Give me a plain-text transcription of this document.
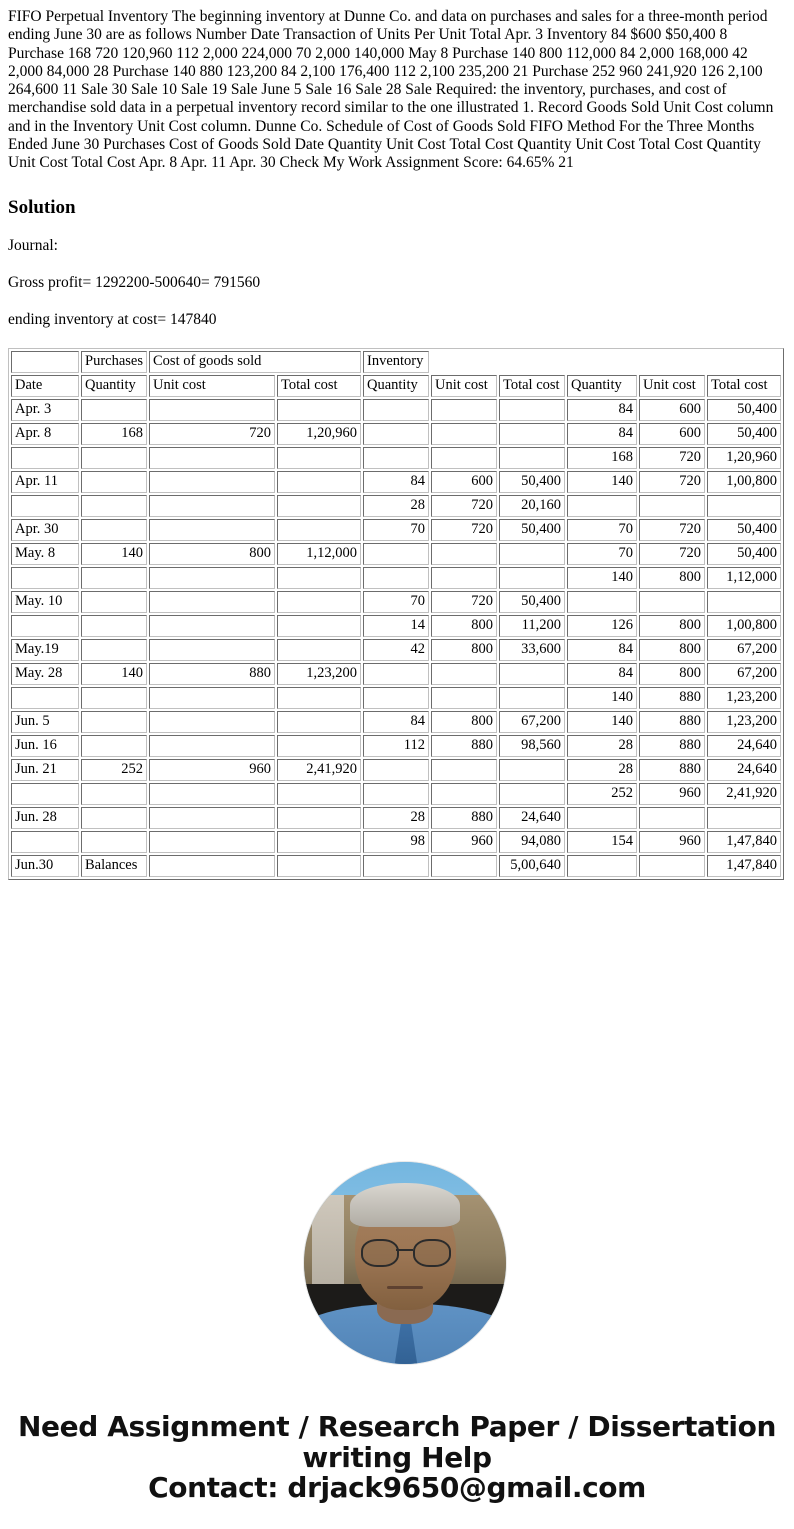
FIFO Perpetual Inventory The beginning inventory at Dunne Co. and data on purchases and sales for a three-month period ending June 30 are as follows Number Date Transaction of Units Per Unit Total Apr. 3 Inventory 84 $600 $50,400 8 Purchase 168 720 120,960 112 2,000 224,000 70 2,000 140,000 May 8 Purchase 140 800 112,000 84 2,000 168,000 42 2,000 84,000 28 Purchase 140 880 123,200 84 2,100 176,400 112 2,100 235,200 21 Purchase 252 960 241,920 126 2,100 264,600 11 Sale 30 Sale 10 Sale 19 Sale June 5 Sale 16 Sale 28 Sale Required: the inventory, purchases, and cost of merchandise sold data in a perpetual inventory record similar to the one illustrated 1. Record Goods Sold Unit Cost column and in the Inventory Unit Cost column. Dunne Co. Schedule of Cost of Goods Sold FIFO Method For the Three Months Ended June 30 Purchases Cost of Goods Sold Date Quantity Unit Cost Total Cost Quantity Unit Cost Total Cost Quantity Unit Cost Total Cost Apr. 8 Apr. 11 Apr. 30 Check My Work Assignment Score: 64.65% 21

Solution

Journal:

Gross profit= 1292200-500640= 791560

ending inventory at cost= 147840

	Purchases	Cost of goods sold		Inventory					
Date	Quantity	Unit cost	Total cost	Quantity	Unit cost	Total cost	Quantity	Unit cost	Total cost
Apr. 3							84	600	50,400
Apr. 8	168	720	1,20,960				84	600	50,400
							168	720	1,20,960
Apr. 11				84	600	50,400	140	720	1,00,800
				28	720	20,160			
Apr. 30				70	720	50,400	70	720	50,400
May. 8	140	800	1,12,000				70	720	50,400
							140	800	1,12,000
May. 10				70	720	50,400			
				14	800	11,200	126	800	1,00,800
May.19				42	800	33,600	84	800	67,200
May. 28	140	880	1,23,200				84	800	67,200
							140	880	1,23,200
Jun. 5				84	800	67,200	140	880	1,23,200
Jun. 16				112	880	98,560	28	880	24,640
Jun. 21	252	960	2,41,920				28	880	24,640
							252	960	2,41,920
Jun. 28				28	880	24,640			
				98	960	94,080	154	960	1,47,840
Jun.30	Balances					5,00,640			1,47,840
Need Assignment / Research Paper / Dissertation
writing Help
Contact: drjack9650@gmail.com
